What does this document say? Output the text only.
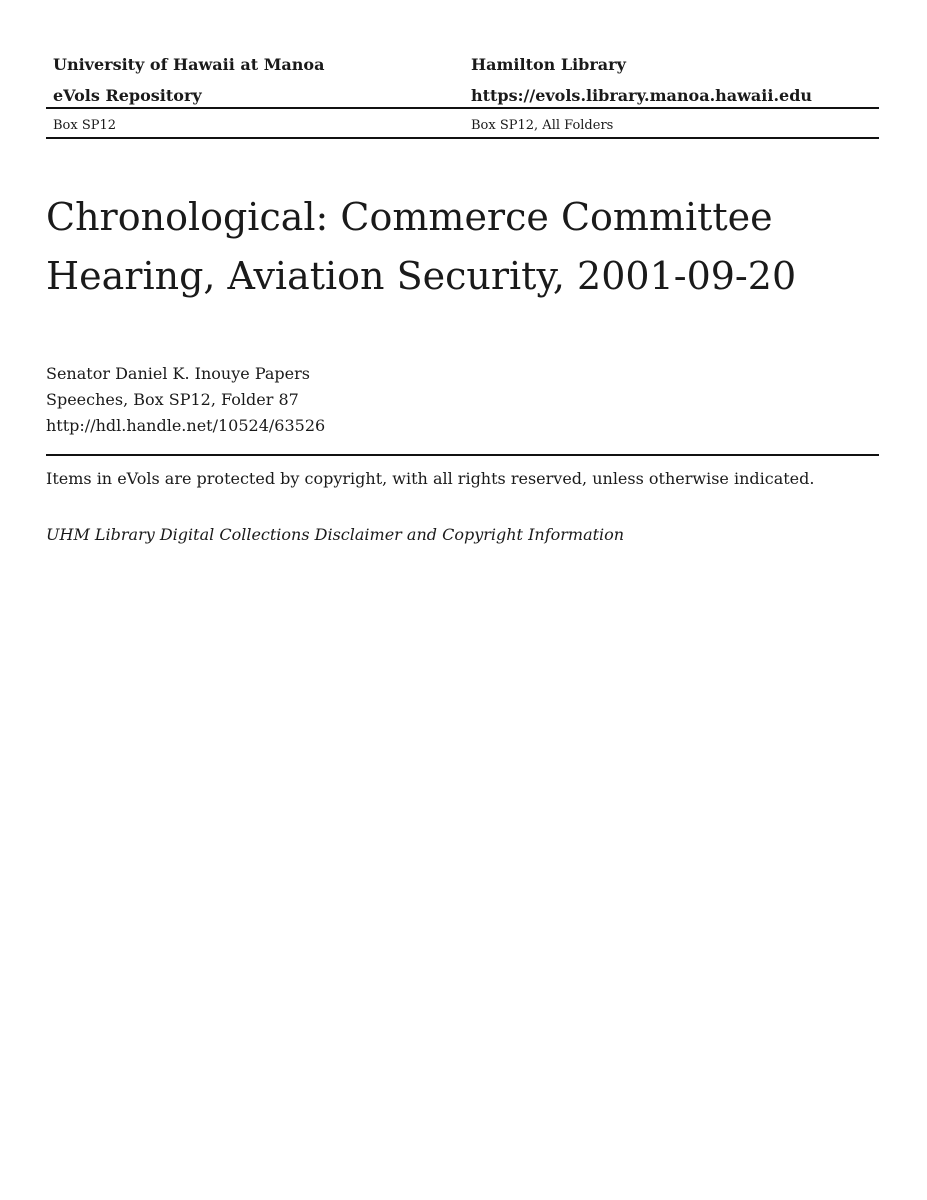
University of Hawaii at Manoa	Hamilton Library
eVols Repository	https://evols.library.manoa.hawaii.edu
Box SP12	Box SP12, All Folders
Chronological: Commerce Committee
Hearing, Aviation Security, 2001-09-20
Senator Daniel K. Inouye Papers
Speeches, Box SP12, Folder 87
http://hdl.handle.net/10524/63526
Items in eVols are protected by copyright, with all rights reserved, unless otherwise indicated.
UHM Library Digital Collections Disclaimer and Copyright Information
